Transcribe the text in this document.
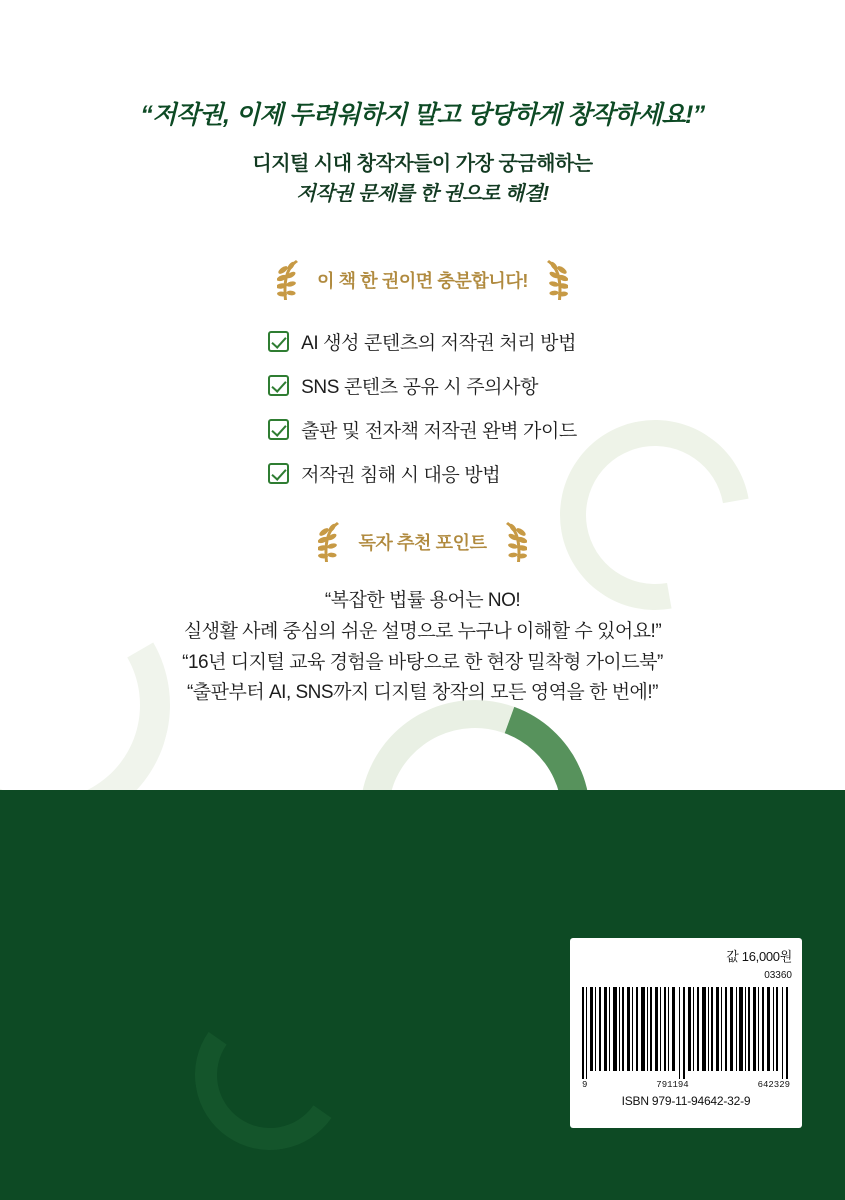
“저작권, 이제 두려워하지 말고 당당하게 창작하세요!”
디지털 시대 창작자들이 가장 궁금해하는
저작권 문제를 한 권으로 해결!
이 책 한 권이면 충분합니다!
AI 생성 콘텐츠의 저작권 처리 방법
SNS 콘텐츠 공유 시 주의사항
출판 및 전자책 저작권 완벽 가이드
저작권 침해 시 대응 방법
독자 추천 포인트
“복잡한 법률 용어는 NO!
실생활 사례 중심의 쉬운 설명으로 누구나 이해할 수 있어요!”
“16년 디지털 교육 경험을 바탕으로 한 현장 밀착형 가이드북”
“출판부터 AI, SNS까지 디지털 창작의 모든 영역을 한 번에!”
값 16,000원
03360
9	791194	642329
ISBN 979-11-94642-32-9
